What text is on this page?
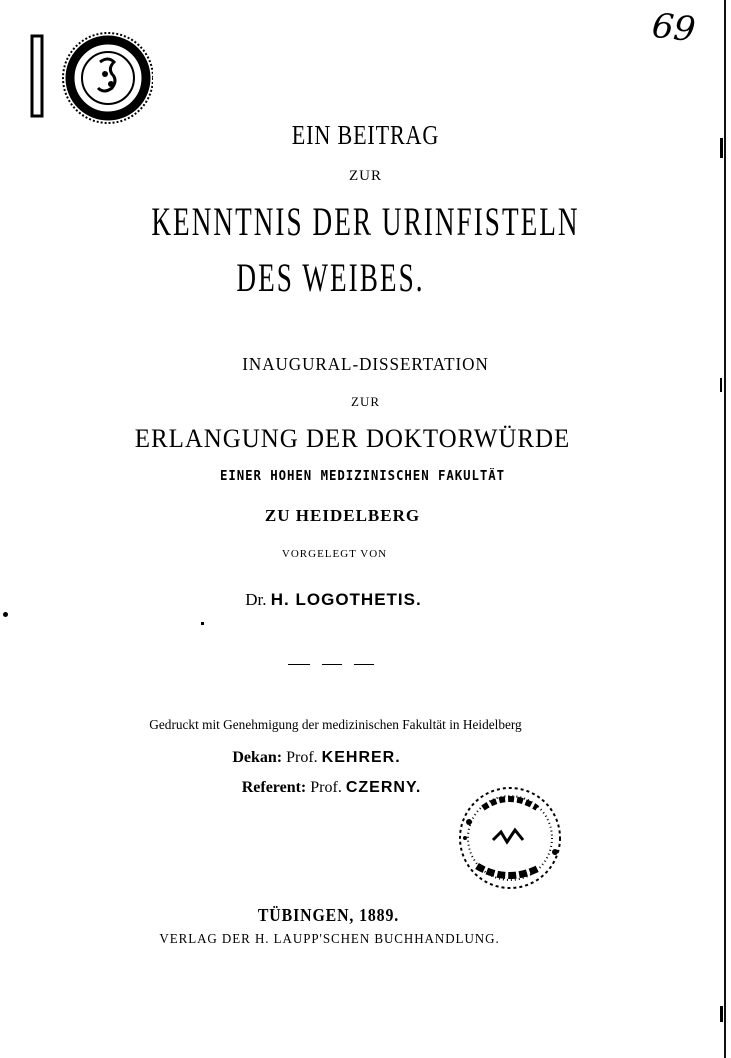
69
EIN BEITRAG
ZUR
KENNTNIS DER URINFISTELN
DES WEIBES.
INAUGURAL-DISSERTATION
ZUR
ERLANGUNG DER DOKTORWÜRDE
EINER HOHEN MEDIZINISCHEN FAKULTÄT
ZU HEIDELBERG
VORGELEGT VON
Dr. H. LOGOTHETIS.
Gedruckt mit Genehmigung der medizinischen Fakultät in Heidelberg
Dekan: Prof. KEHRER.
Referent: Prof. CZERNY.
TÜBINGEN, 1889.
VERLAG DER H. LAUPP'SCHEN BUCHHANDLUNG.
